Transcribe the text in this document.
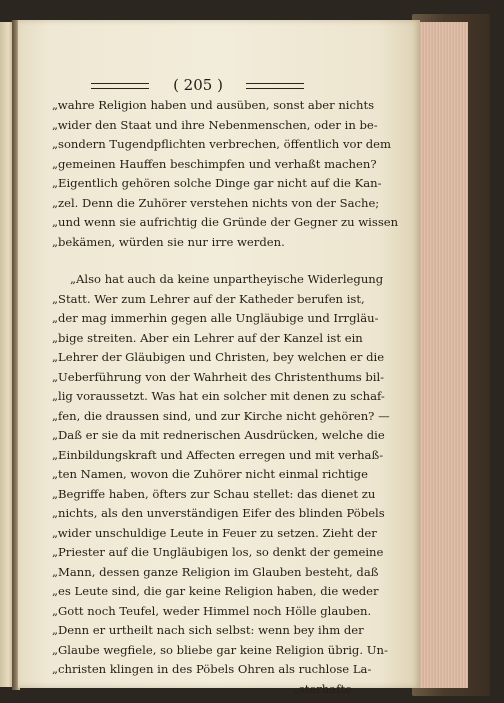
( 205 )
„wahre Religion haben und ausüben, sonst aber nichts
„wider den Staat und ihre Nebenmenschen, oder in be-
„sondern Tugendpflichten verbrechen, öffentlich vor dem
„gemeinen Hauffen beschimpfen und verhaßt machen?
„Eigentlich gehören solche Dinge gar nicht auf die Kan-
„zel. Denn die Zuhörer verstehen nichts von der Sache;
„und wenn sie aufrichtig die Gründe der Gegner zu wissen
„bekämen, würden sie nur irre werden.
„Also hat auch da keine unpartheyische Widerlegung
„Statt. Wer zum Lehrer auf der Katheder berufen ist,
„der mag immerhin gegen alle Ungläubige und Irrgläu-
„bige streiten. Aber ein Lehrer auf der Kanzel ist ein
„Lehrer der Gläubigen und Christen, bey welchen er die
„Ueberführung von der Wahrheit des Christenthums bil-
„lig voraussetzt. Was hat ein solcher mit denen zu schaf-
„fen, die draussen sind, und zur Kirche nicht gehören? —
„Daß er sie da mit rednerischen Ausdrücken, welche die
„Einbildungskraft und Affecten erregen und mit verhaß-
„ten Namen, wovon die Zuhörer nicht einmal richtige
„Begriffe haben, öfters zur Schau stellet: das dienet zu
„nichts, als den unverständigen Eifer des blinden Pöbels
„wider unschuldige Leute in Feuer zu setzen. Zieht der
„Priester auf die Ungläubigen los, so denkt der gemeine
„Mann, dessen ganze Religion im Glauben besteht, daß
„es Leute sind, die gar keine Religion haben, die weder
„Gott noch Teufel, weder Himmel noch Hölle glauben.
„Denn er urtheilt nach sich selbst: wenn bey ihm der
„Glaube wegfiele, so bliebe gar keine Religion übrig. Un-
„christen klingen in des Pöbels Ohren als ruchlose La-
„sterhafte
